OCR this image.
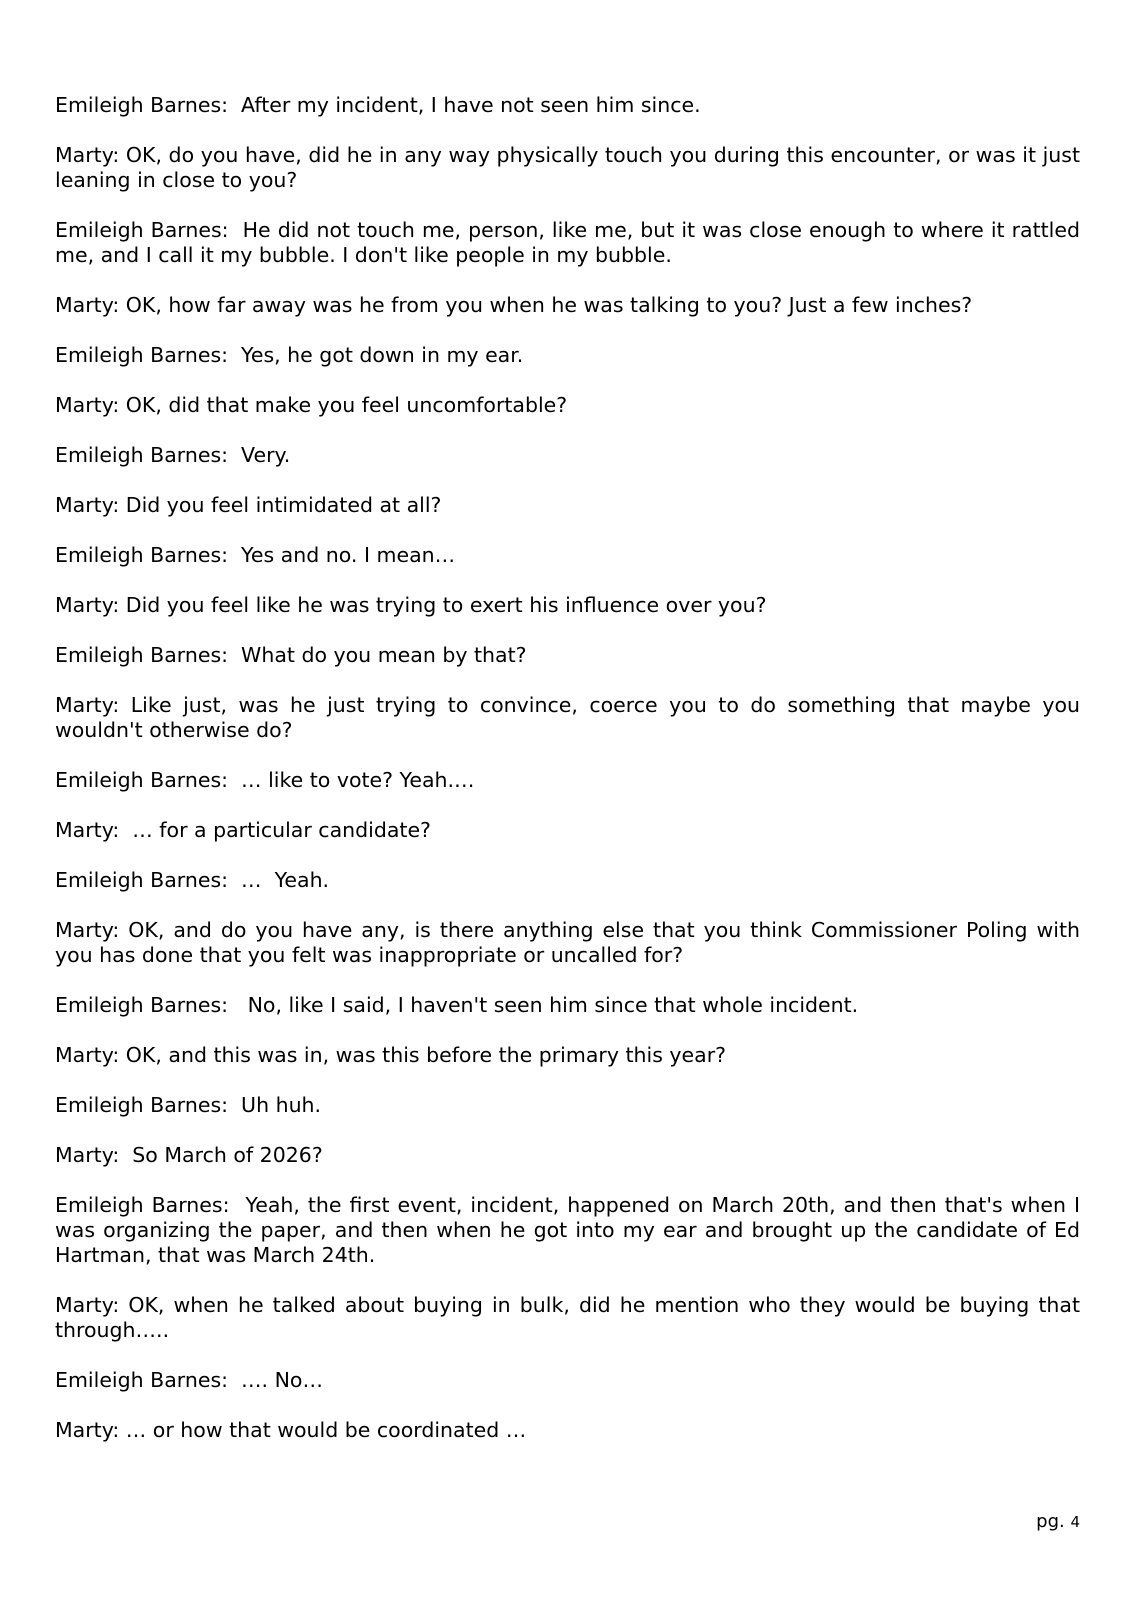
Emileigh Barnes:  After my incident, I have not seen him since.

Marty: OK, do you have, did he in any way physically touch you during this encounter, or was it just leaning in close to you?

Emileigh Barnes:  He did not touch me, person, like me, but it was close enough to where it rattled me, and I call it my bubble. I don't like people in my bubble.

Marty: OK, how far away was he from you when he was talking to you? Just a few inches?

Emileigh Barnes:  Yes, he got down in my ear.

Marty: OK, did that make you feel uncomfortable?

Emileigh Barnes:  Very.

Marty: Did you feel intimidated at all?

Emileigh Barnes:  Yes and no. I mean…

Marty: Did you feel like he was trying to exert his influence over you?

Emileigh Barnes:  What do you mean by that?

Marty: Like just, was he just trying to convince, coerce you to do something that maybe you wouldn't otherwise do?

Emileigh Barnes:  … like to vote? Yeah.…

Marty:  … for a particular candidate?

Emileigh Barnes:  …  Yeah.

Marty: OK, and do you have any, is there anything else that you think Commissioner Poling with you has done that you felt was inappropriate or uncalled for?

Emileigh Barnes:   No, like I said, I haven't seen him since that whole incident.

Marty: OK, and this was in, was this before the primary this year?

Emileigh Barnes:  Uh huh.

Marty:  So March of 2026?

Emileigh Barnes:  Yeah, the first event, incident, happened on March 20th, and then that's when I was organizing the paper, and then when he got into my ear and brought up the candidate of Ed Hartman, that was March 24th.

Marty: OK, when he talked about buying in bulk, did he mention who they would be buying that through…..

Emileigh Barnes:  …. No…

Marty: … or how that would be coordinated …

pg. 4
